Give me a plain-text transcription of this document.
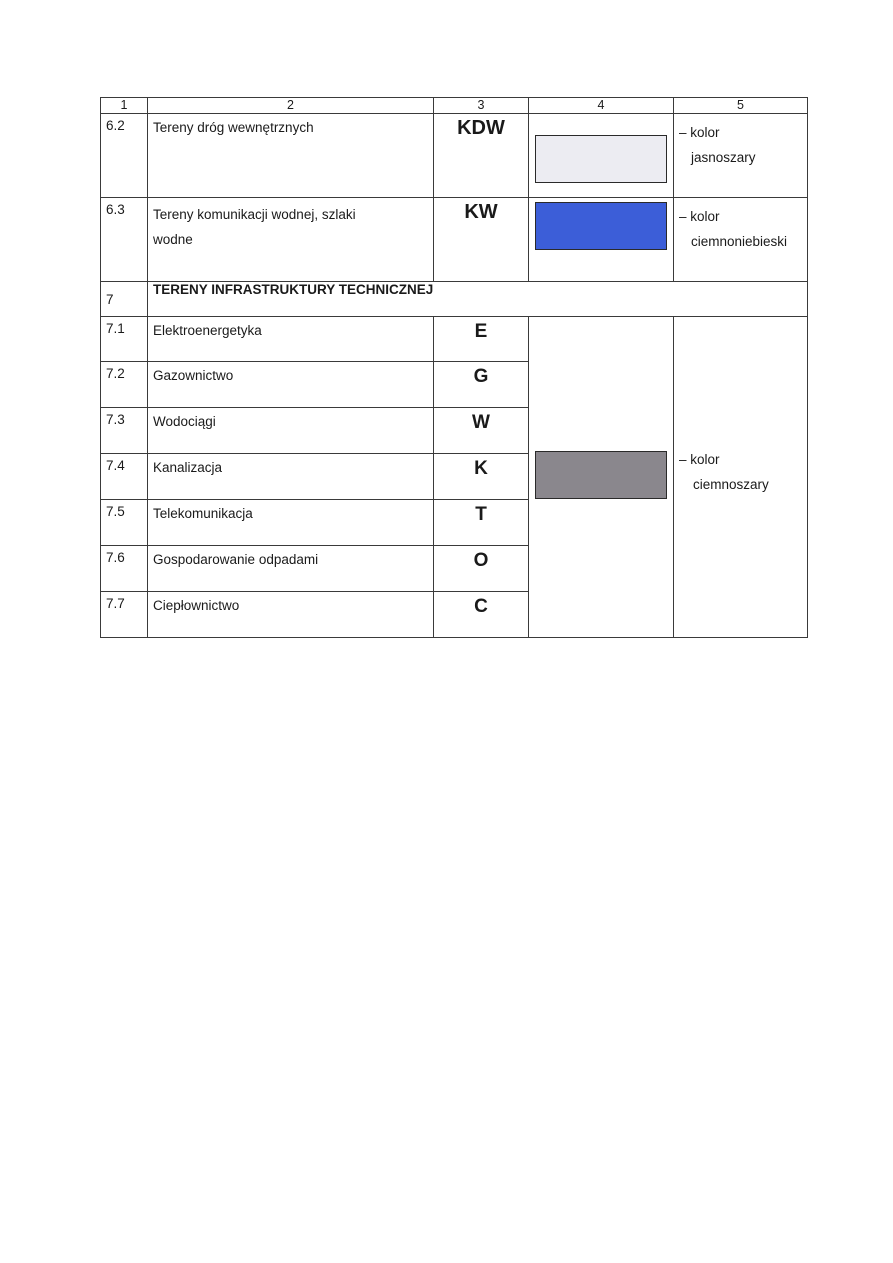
1	2	3	4	5
6.2	Tereny dróg wewnętrznych	KDW		– kolor
jasnoszary

6.3	Tereny komunikacji wodnej, szlaki wodne	KW		– kolor
ciemnoniebieski

7	TERENY INFRASTRUKTURY TECHNICZNEJ			
7.1	Elektroenergetyka	E		– kolor
ciemnoszary

7.2	Gazownictwo	G		
7.3	Wodociągi	W		
7.4	Kanalizacja	K		
7.5	Telekomunikacja	T		
7.6	Gospodarowanie odpadami	O		
7.7	Ciepłownictwo	C		
